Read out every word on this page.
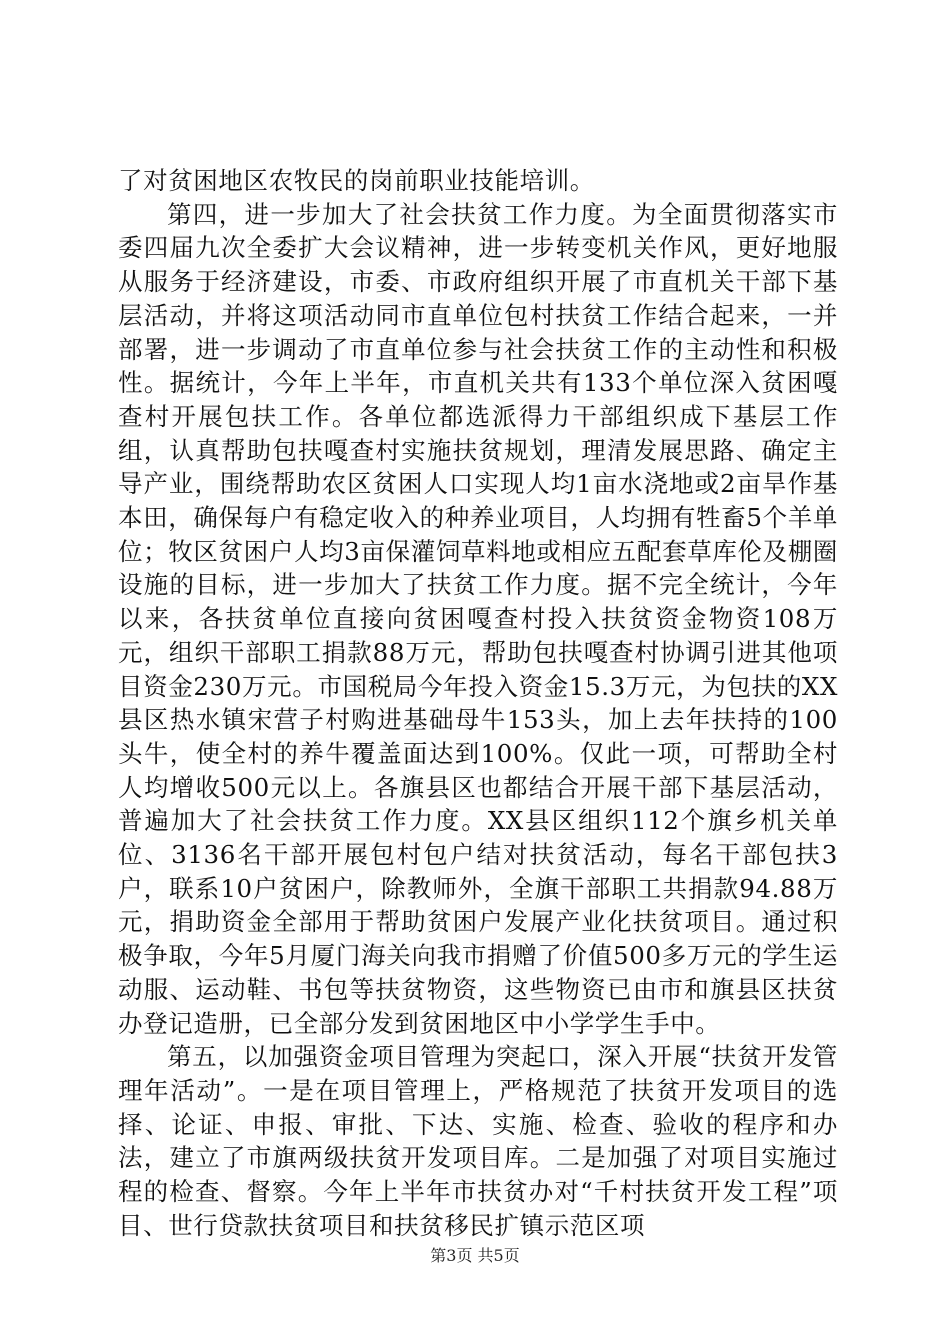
了对贫困地区农牧民的岗前职业技能培训。

第四，进一步加大了社会扶贫工作力度。为全面贯彻落实市委四届九次全委扩大会议精神，进一步转变机关作风，更好地服从服务于经济建设，市委、市政府组织开展了市直机关干部下基层活动，并将这项活动同市直单位包村扶贫工作结合起来，一并部署，进一步调动了市直单位参与社会扶贫工作的主动性和积极性。据统计，今年上半年，市直机关共有133个单位深入贫困嘎查村开展包扶工作。各单位都选派得力干部组织成下基层工作组，认真帮助包扶嘎查村实施扶贫规划，理清发展思路、确定主导产业，围绕帮助农区贫困人口实现人均1亩水浇地或2亩旱作基本田，确保每户有稳定收入的种养业项目，人均拥有牲畜5个羊单位；牧区贫困户人均3亩保灌饲草料地或相应五配套草库伦及棚圈设施的目标，进一步加大了扶贫工作力度。据不完全统计，今年以来，各扶贫单位直接向贫困嘎查村投入扶贫资金物资108万元，组织干部职工捐款88万元，帮助包扶嘎查村协调引进其他项目资金230万元。市国税局今年投入资金15.3万元，为包扶的XX县区热水镇宋营子村购进基础母牛153头，加上去年扶持的100头牛，使全村的养牛覆盖面达到100%。仅此一项，可帮助全村人均增收500元以上。各旗县区也都结合开展干部下基层活动，普遍加大了社会扶贫工作力度。XX县区组织112个旗乡机关单位、3136名干部开展包村包户结对扶贫活动，每名干部包扶3户，联系10户贫困户，除教师外，全旗干部职工共捐款94.88万元，捐助资金全部用于帮助贫困户发展产业化扶贫项目。通过积极争取，今年5月厦门海关向我市捐赠了价值500多万元的学生运动服、运动鞋、书包等扶贫物资，这些物资已由市和旗县区扶贫办登记造册，已全部分发到贫困地区中小学学生手中。

第五，以加强资金项目管理为突起口，深入开展“扶贫开发管理年活动”。一是在项目管理上，严格规范了扶贫开发项目的选择、论证、申报、审批、下达、实施、检查、验收的程序和办法，建立了市旗两级扶贫开发项目库。二是加强了对项目实施过程的检查、督察。今年上半年市扶贫办对“千村扶贫开发工程”项目、世行贷款扶贫项目和扶贫移民扩镇示范区项

第3页 共5页
